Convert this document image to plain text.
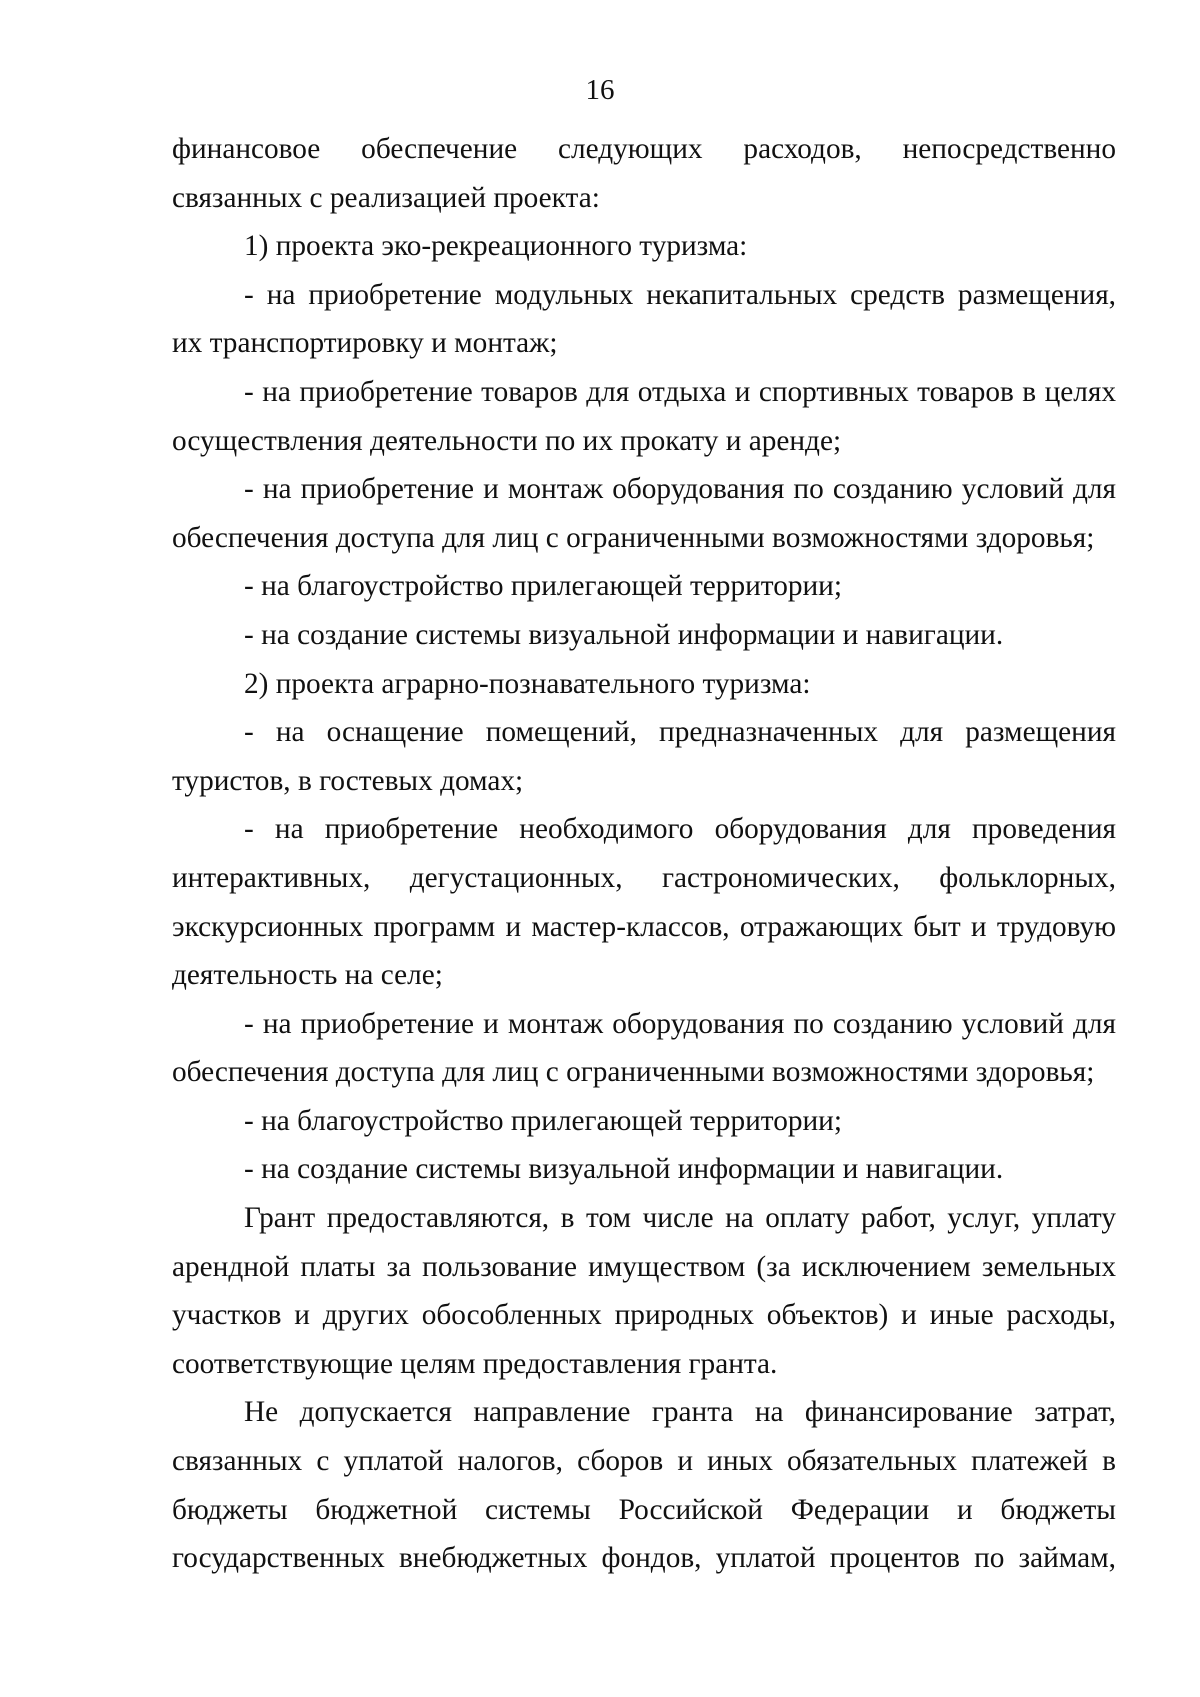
16

финансовое обеспечение следующих расходов, непосредственно связанных с реализацией проекта:

1) проекта эко-рекреационного туризма:

- на приобретение модульных некапитальных средств размещения, их транспортировку и монтаж;

- на приобретение товаров для отдыха и спортивных товаров в целях осуществления деятельности по их прокату и аренде;

- на приобретение и монтаж оборудования по созданию условий для обеспечения доступа для лиц с ограниченными возможностями здоровья;

- на благоустройство прилегающей территории;

- на создание системы визуальной информации и навигации.

2) проекта аграрно-познавательного туризма:

- на оснащение помещений, предназначенных для размещения туристов, в гостевых домах;

- на приобретение необходимого оборудования для проведения интерактивных, дегустационных, гастрономических, фольклорных, экскурсионных программ и мастер-классов, отражающих быт и трудовую деятельность на селе;

- на приобретение и монтаж оборудования по созданию условий для обеспечения доступа для лиц с ограниченными возможностями здоровья;

- на благоустройство прилегающей территории;

- на создание системы визуальной информации и навигации.

Грант предоставляются, в том числе на оплату работ, услуг, уплату арендной платы за пользование имуществом (за исключением земельных участков и других обособленных природных объектов) и иные расходы, соответствующие целям предоставления гранта.

Не допускается направление гранта на финансирование затрат, связанных с уплатой налогов, сборов и иных обязательных платежей в бюджеты бюджетной системы Российской Федерации и бюджеты государственных внебюджетных фондов, уплатой процентов по займам,
